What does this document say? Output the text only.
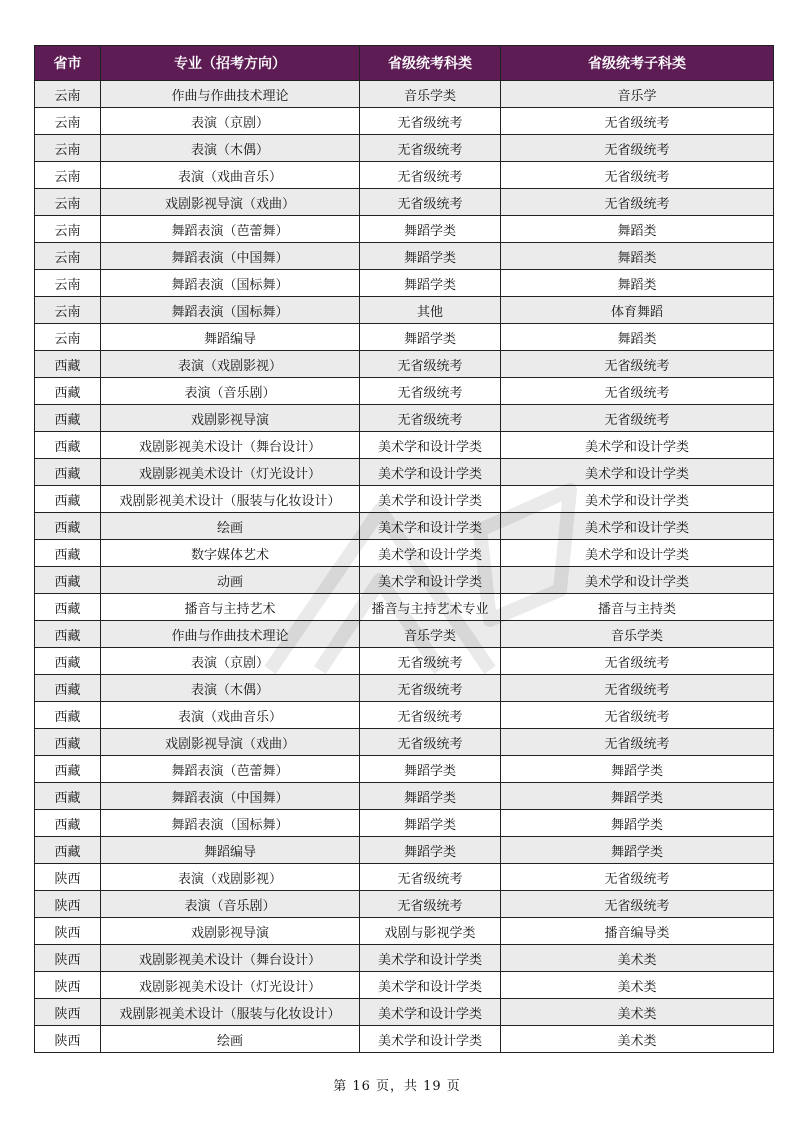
省市	专业（招考方向）	省级统考科类	省级统考子科类
云南	作曲与作曲技术理论	音乐学类	音乐学
云南	表演（京剧）	无省级统考	无省级统考
云南	表演（木偶）	无省级统考	无省级统考
云南	表演（戏曲音乐）	无省级统考	无省级统考
云南	戏剧影视导演（戏曲）	无省级统考	无省级统考
云南	舞蹈表演（芭蕾舞）	舞蹈学类	舞蹈类
云南	舞蹈表演（中国舞）	舞蹈学类	舞蹈类
云南	舞蹈表演（国标舞）	舞蹈学类	舞蹈类
云南	舞蹈表演（国标舞）	其他	体育舞蹈
云南	舞蹈编导	舞蹈学类	舞蹈类
西藏	表演（戏剧影视）	无省级统考	无省级统考
西藏	表演（音乐剧）	无省级统考	无省级统考
西藏	戏剧影视导演	无省级统考	无省级统考
西藏	戏剧影视美术设计（舞台设计）	美术学和设计学类	美术学和设计学类
西藏	戏剧影视美术设计（灯光设计）	美术学和设计学类	美术学和设计学类
西藏	戏剧影视美术设计（服装与化妆设计）	美术学和设计学类	美术学和设计学类
西藏	绘画	美术学和设计学类	美术学和设计学类
西藏	数字媒体艺术	美术学和设计学类	美术学和设计学类
西藏	动画	美术学和设计学类	美术学和设计学类
西藏	播音与主持艺术	播音与主持艺术专业	播音与主持类
西藏	作曲与作曲技术理论	音乐学类	音乐学类
西藏	表演（京剧）	无省级统考	无省级统考
西藏	表演（木偶）	无省级统考	无省级统考
西藏	表演（戏曲音乐）	无省级统考	无省级统考
西藏	戏剧影视导演（戏曲）	无省级统考	无省级统考
西藏	舞蹈表演（芭蕾舞）	舞蹈学类	舞蹈学类
西藏	舞蹈表演（中国舞）	舞蹈学类	舞蹈学类
西藏	舞蹈表演（国标舞）	舞蹈学类	舞蹈学类
西藏	舞蹈编导	舞蹈学类	舞蹈学类
陕西	表演（戏剧影视）	无省级统考	无省级统考
陕西	表演（音乐剧）	无省级统考	无省级统考
陕西	戏剧影视导演	戏剧与影视学类	播音编导类
陕西	戏剧影视美术设计（舞台设计）	美术学和设计学类	美术类
陕西	戏剧影视美术设计（灯光设计）	美术学和设计学类	美术类
陕西	戏剧影视美术设计（服装与化妆设计）	美术学和设计学类	美术类
陕西	绘画	美术学和设计学类	美术类
第 16 页，共 19 页
